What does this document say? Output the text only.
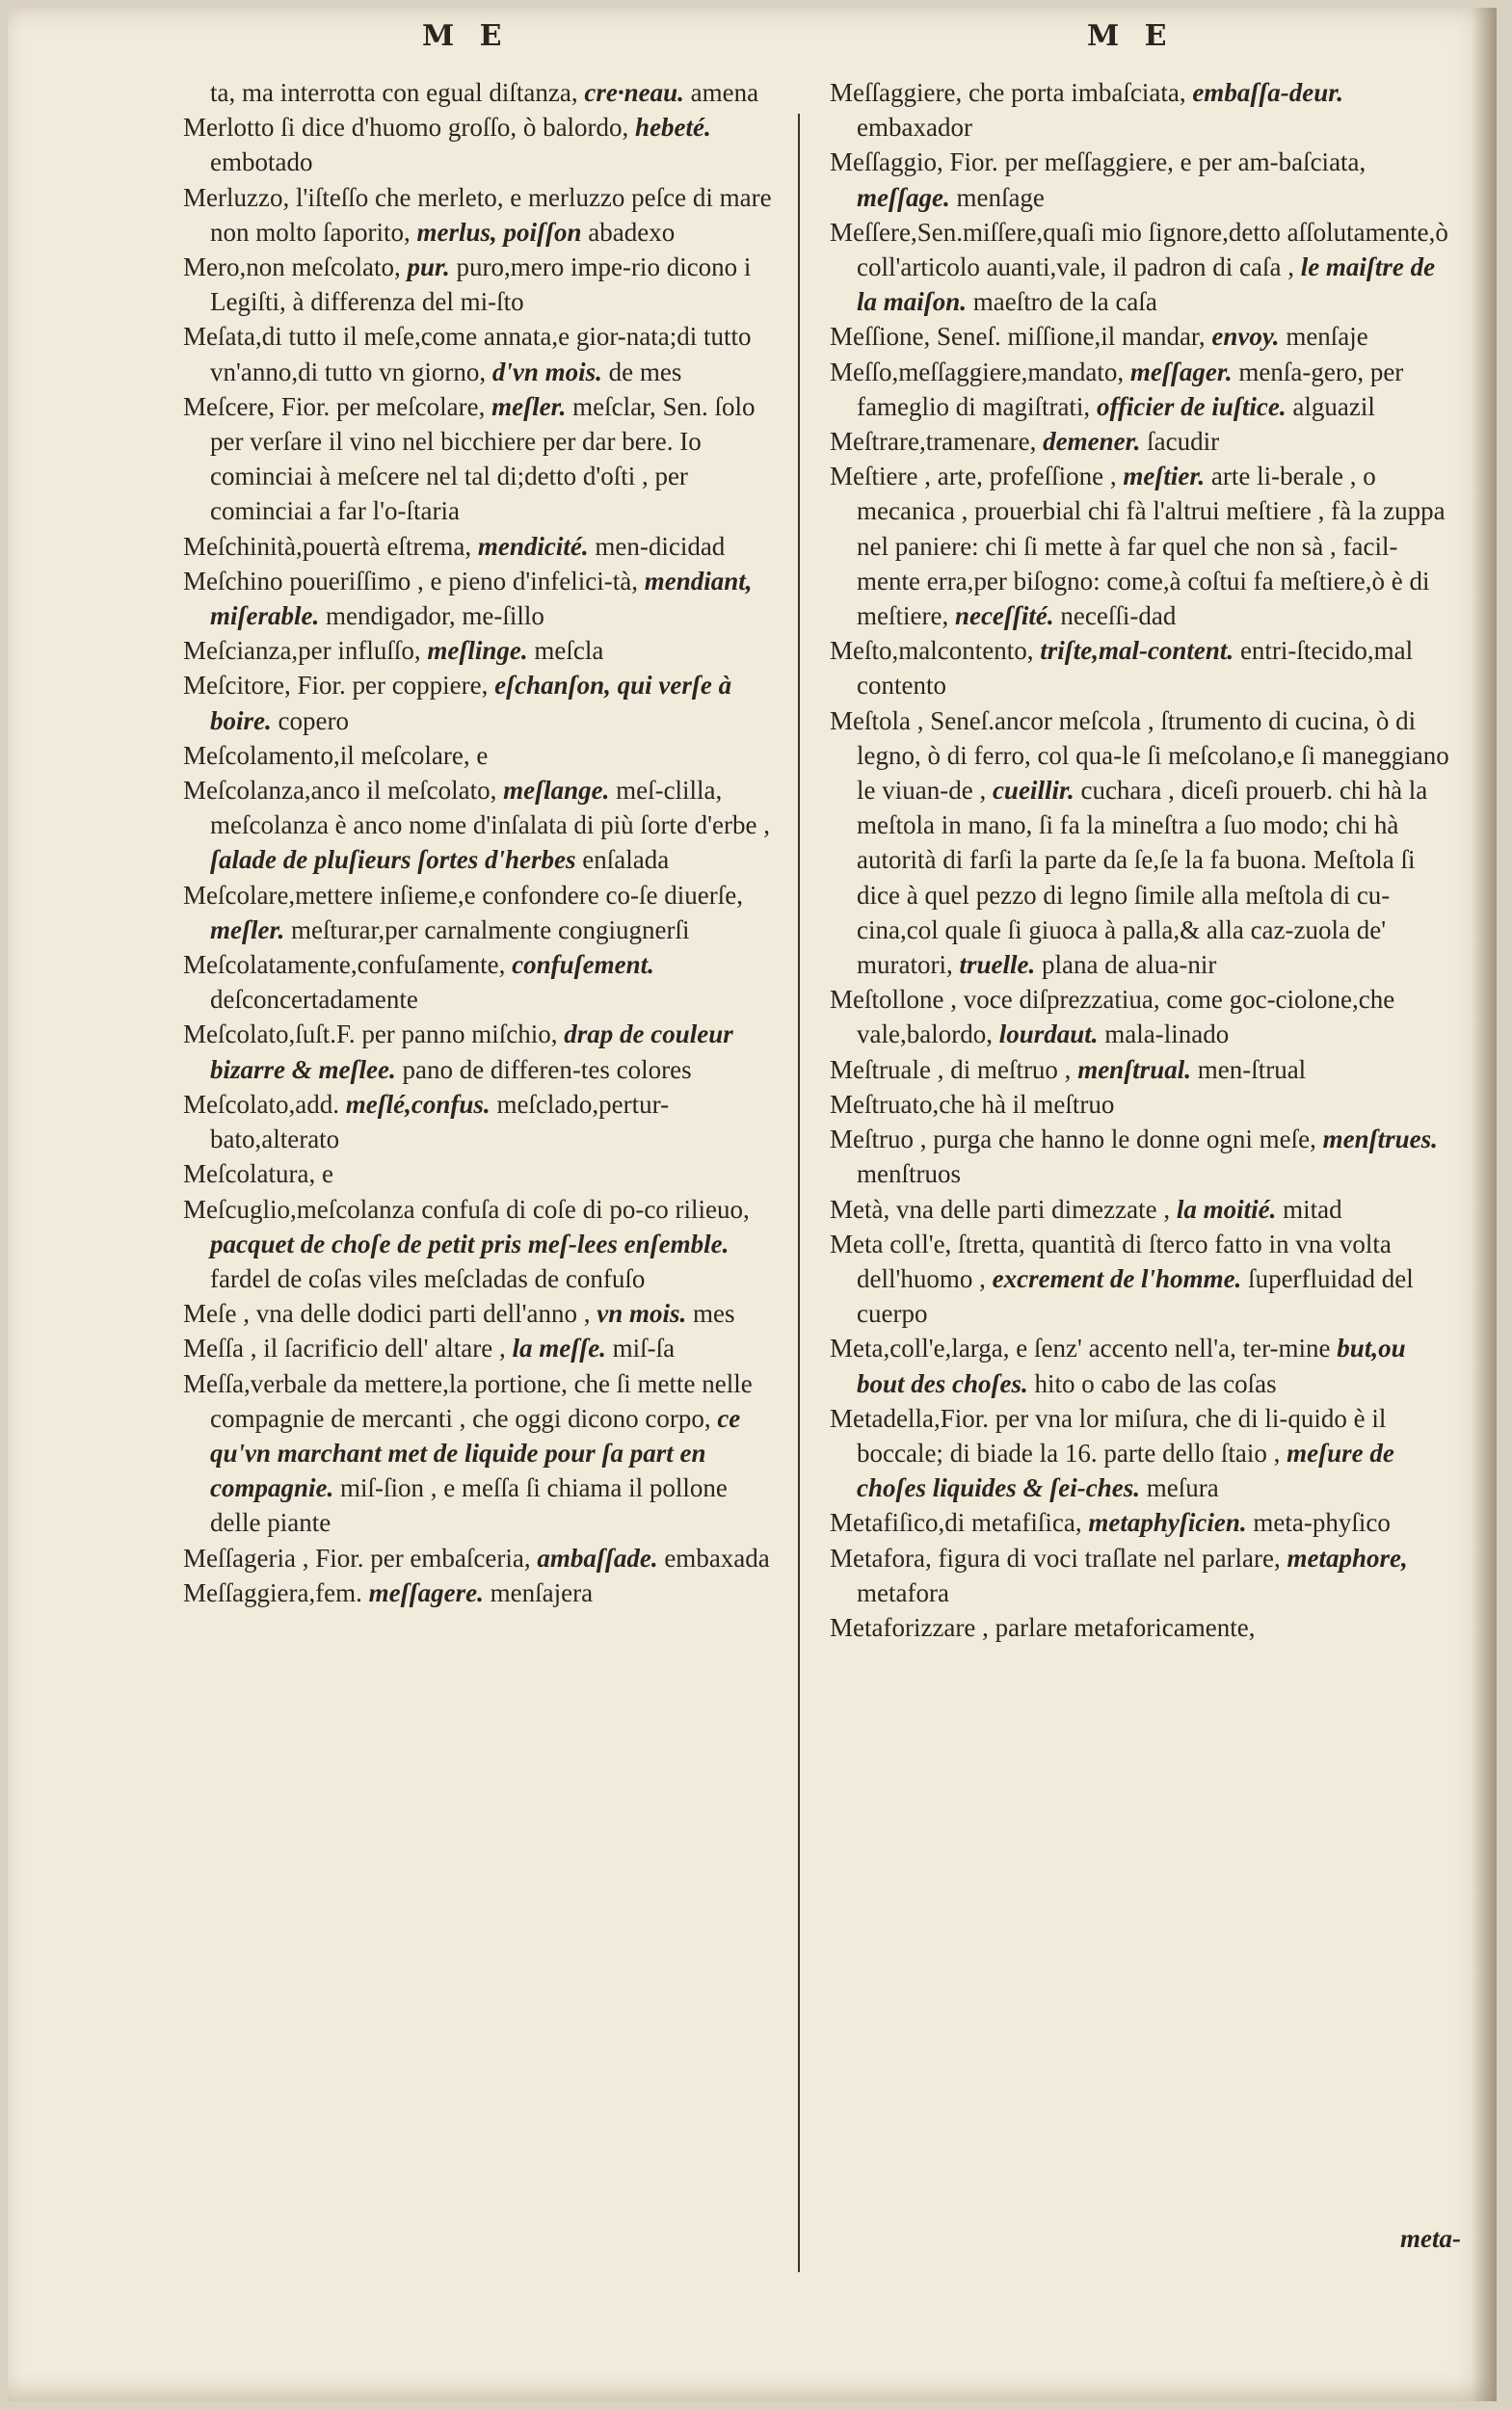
M E	M E

ta, ma interrotta con egual diſtanza, cre·neau. amena

Merlotto ſi dice d'huomo groſſo, ò balordo, hebeté. embotado

Merluzzo, l'iſteſſo che merleto, e merluzzo peſce di mare non molto ſaporito, merlus, poiſſon abadexo

Mero,non meſcolato, pur. puro,mero impe-rio dicono i Legiſti, à differenza del mi-ſto

Meſata,di tutto il meſe,come annata,e gior-nata;di tutto vn'anno,di tutto vn giorno, d'vn mois. de mes

Meſcere, Fior. per meſcolare, meſler. meſclar, Sen. ſolo per verſare il vino nel bicchiere per dar bere. Io cominciai à meſcere nel tal di;detto d'oſti , per cominciai a far l'o-ſtaria

Meſchinità,pouertà eſtrema, mendicité. men-dicidad

Meſchino poueriſſimo , e pieno d'infelici-tà, mendiant, miſerable. mendigador, me-ſillo

Meſcianza,per influſſo, meſlinge. meſcla

Meſcitore, Fior. per coppiere, eſchanſon, qui verſe à boire. copero

Meſcolamento,il meſcolare, e

Meſcolanza,anco il meſcolato, meſlange. meſ-clilla, meſcolanza è anco nome d'inſalata di più ſorte d'erbe , ſalade de pluſieurs ſortes d'herbes enſalada

Meſcolare,mettere inſieme,e confondere co-ſe diuerſe, meſler. meſturar,per carnalmente congiugnerſi

Meſcolatamente,confuſamente, confuſement. deſconcertadamente

Meſcolato,ſuſt.F. per panno miſchio, drap de couleur bizarre & meſlee. pano de differen-tes colores

Meſcolato,add. meſlé,confus. meſclado,pertur-bato,alterato

Meſcolatura, e

Meſcuglio,meſcolanza confuſa di coſe di po-co rilieuo, pacquet de choſe de petit pris meſ-lees enſemble. fardel de coſas viles meſcladas de confuſo

Meſe , vna delle dodici parti dell'anno , vn mois. mes

Meſſa , il ſacrificio dell' altare , la meſſe. miſ-ſa

Meſſa,verbale da mettere,la portione, che ſi mette nelle compagnie de mercanti , che oggi dicono corpo, ce qu'vn marchant met de liquide pour ſa part en compagnie. miſ-ſion , e meſſa ſi chiama il pollone delle piante

Meſſageria , Fior. per embaſceria, ambaſſade. embaxada

Meſſaggiera,fem. meſſagere. menſajera

Meſſaggiere, che porta imbaſciata, embaſſa-deur. embaxador

Meſſaggio, Fior. per meſſaggiere, e per am-baſciata, meſſage. menſage

Meſſere,Sen.miſſere,quaſi mio ſignore,detto aſſolutamente,ò coll'articolo auanti,vale, il padron di caſa , le maiſtre de la maiſon. maeſtro de la caſa

Meſſione, Seneſ. miſſione,il mandar, envoy. menſaje

Meſſo,meſſaggiere,mandato, meſſager. menſa-gero, per fameglio di magiſtrati, officier de iuſtice. alguazil

Meſtrare,tramenare, demener. ſacudir

Meſtiere , arte, profeſſione , meſtier. arte li-berale , o mecanica , prouerbial chi fà l'altrui meſtiere , fà la zuppa nel paniere: chi ſi mette à far quel che non sà , facil-mente erra,per biſogno: come,à coſtui fa meſtiere,ò è di meſtiere, neceſſité. neceſſi-dad

Meſto,malcontento, triſte,mal-content. entri-ſtecido,mal contento

Meſtola , Seneſ.ancor meſcola , ſtrumento di cucina, ò di legno, ò di ferro, col qua-le ſi meſcolano,e ſi maneggiano le viuan-de , cueillir. cuchara , diceſi prouerb. chi hà la meſtola in mano, ſi fa la mineſtra a ſuo modo; chi hà autorità di farſi la parte da ſe,ſe la fa buona. Meſtola ſi dice à quel pezzo di legno ſimile alla meſtola di cu-cina,col quale ſi giuoca à palla,& alla caz-zuola de' muratori, truelle. plana de alua-nir

Meſtollone , voce diſprezzatiua, come goc-ciolone,che vale,balordo, lourdaut. mala-linado

Meſtruale , di meſtruo , menſtrual. men-ſtrual

Meſtruato,che hà il meſtruo

Meſtruo , purga che hanno le donne ogni meſe, menſtrues. menſtruos

Metà, vna delle parti dimezzate , la moitié. mitad

Meta coll'e, ſtretta, quantità di ſterco fatto in vna volta dell'huomo , excrement de l'homme. ſuperfluidad del cuerpo

Meta,coll'e,larga, e ſenz' accento nell'a, ter-mine but,ou bout des choſes. hito o cabo de las coſas

Metadella,Fior. per vna lor miſura, che di li-quido è il boccale; di biade la 16. parte dello ſtaio , meſure de choſes liquides & ſei-ches. meſura

Metafiſico,di metafiſica, metaphyſicien. meta-phyſico

Metafora, figura di voci traſlate nel parlare, metaphore, metafora

Metaforizzare , parlare metaforicamente,

meta-
